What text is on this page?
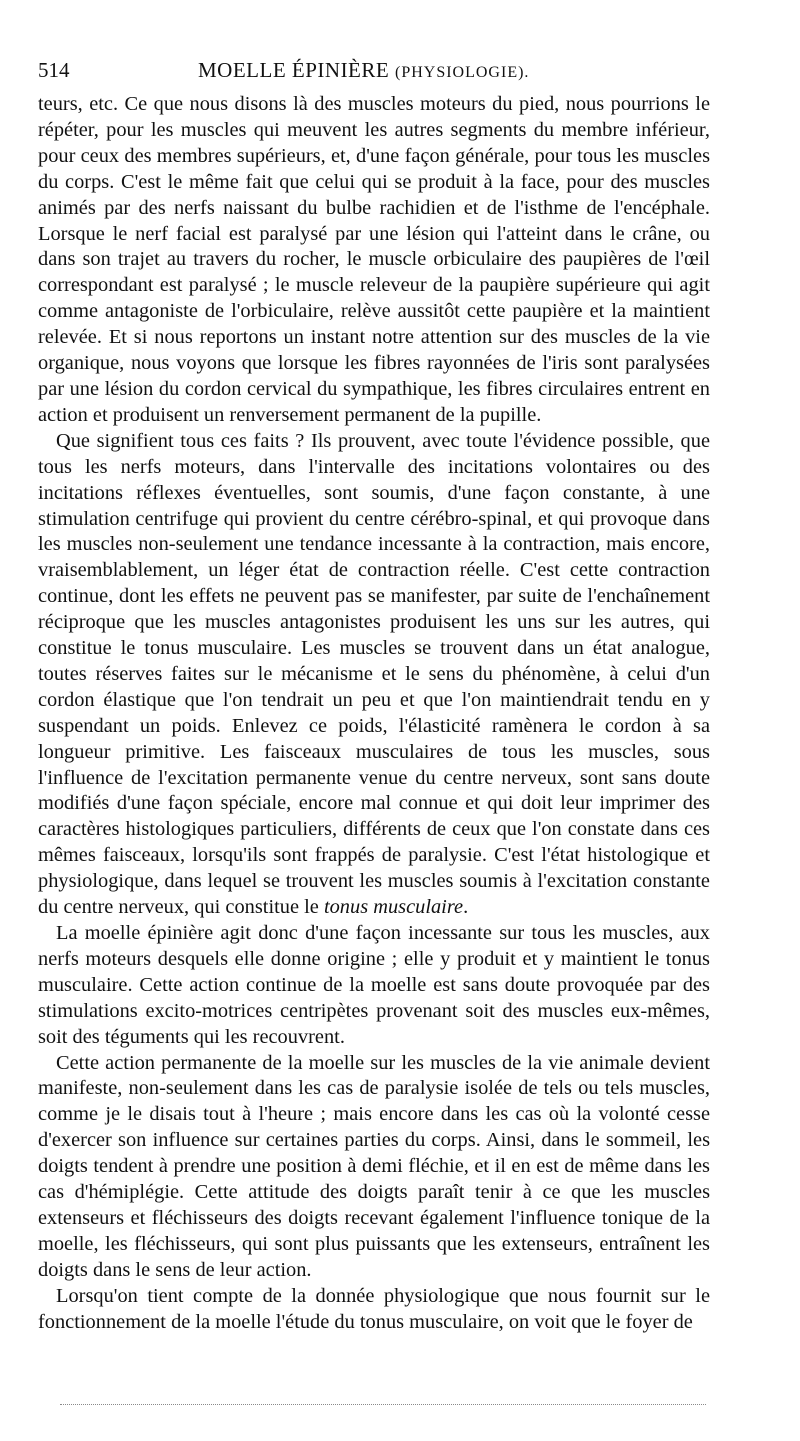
514	MOELLE ÉPINIÈRE (PHYSIOLOGIE).

teurs, etc. Ce que nous disons là des muscles moteurs du pied, nous pourrions le répéter, pour les muscles qui meuvent les autres segments du membre inférieur, pour ceux des membres supérieurs, et, d'une façon générale, pour tous les muscles du corps. C'est le même fait que celui qui se produit à la face, pour des muscles animés par des nerfs naissant du bulbe rachidien et de l'isthme de l'encéphale. Lorsque le nerf facial est paralysé par une lésion qui l'atteint dans le crâne, ou dans son trajet au travers du rocher, le muscle orbiculaire des paupières de l'œil correspondant est paralysé ; le muscle releveur de la paupière supérieure qui agit comme antagoniste de l'orbiculaire, relève aussitôt cette paupière et la maintient relevée. Et si nous reportons un instant notre attention sur des muscles de la vie organique, nous voyons que lorsque les fibres rayonnées de l'iris sont paralysées par une lésion du cordon cervical du sympathique, les fibres circulaires entrent en action et produisent un renversement permanent de la pupille.

Que signifient tous ces faits ? Ils prouvent, avec toute l'évidence possible, que tous les nerfs moteurs, dans l'intervalle des incitations volontaires ou des incitations réflexes éventuelles, sont soumis, d'une façon constante, à une stimulation centrifuge qui provient du centre cérébro-spinal, et qui provoque dans les muscles non-seulement une tendance incessante à la contraction, mais encore, vraisemblablement, un léger état de contraction réelle. C'est cette contraction continue, dont les effets ne peuvent pas se manifester, par suite de l'enchaînement réciproque que les muscles antagonistes produisent les uns sur les autres, qui constitue le tonus musculaire. Les muscles se trouvent dans un état analogue, toutes réserves faites sur le mécanisme et le sens du phénomène, à celui d'un cordon élastique que l'on tendrait un peu et que l'on maintiendrait tendu en y suspendant un poids. Enlevez ce poids, l'élasticité ramènera le cordon à sa longueur primitive. Les faisceaux musculaires de tous les muscles, sous l'influence de l'excitation permanente venue du centre nerveux, sont sans doute modifiés d'une façon spéciale, encore mal connue et qui doit leur imprimer des caractères histologiques particuliers, différents de ceux que l'on constate dans ces mêmes faisceaux, lorsqu'ils sont frappés de paralysie. C'est l'état histologique et physiologique, dans lequel se trouvent les muscles soumis à l'excitation constante du centre nerveux, qui constitue le tonus musculaire.

La moelle épinière agit donc d'une façon incessante sur tous les muscles, aux nerfs moteurs desquels elle donne origine ; elle y produit et y maintient le tonus musculaire. Cette action continue de la moelle est sans doute provoquée par des stimulations excito-motrices centripètes provenant soit des muscles eux-mêmes, soit des téguments qui les recouvrent.

Cette action permanente de la moelle sur les muscles de la vie animale devient manifeste, non-seulement dans les cas de paralysie isolée de tels ou tels muscles, comme je le disais tout à l'heure ; mais encore dans les cas où la volonté cesse d'exercer son influence sur certaines parties du corps. Ainsi, dans le sommeil, les doigts tendent à prendre une position à demi fléchie, et il en est de même dans les cas d'hémiplégie. Cette attitude des doigts paraît tenir à ce que les muscles extenseurs et fléchisseurs des doigts recevant également l'influence tonique de la moelle, les fléchisseurs, qui sont plus puissants que les extenseurs, entraînent les doigts dans le sens de leur action.

Lorsqu'on tient compte de la donnée physiologique que nous fournit sur le fonctionnement de la moelle l'étude du tonus musculaire, on voit que le foyer de
